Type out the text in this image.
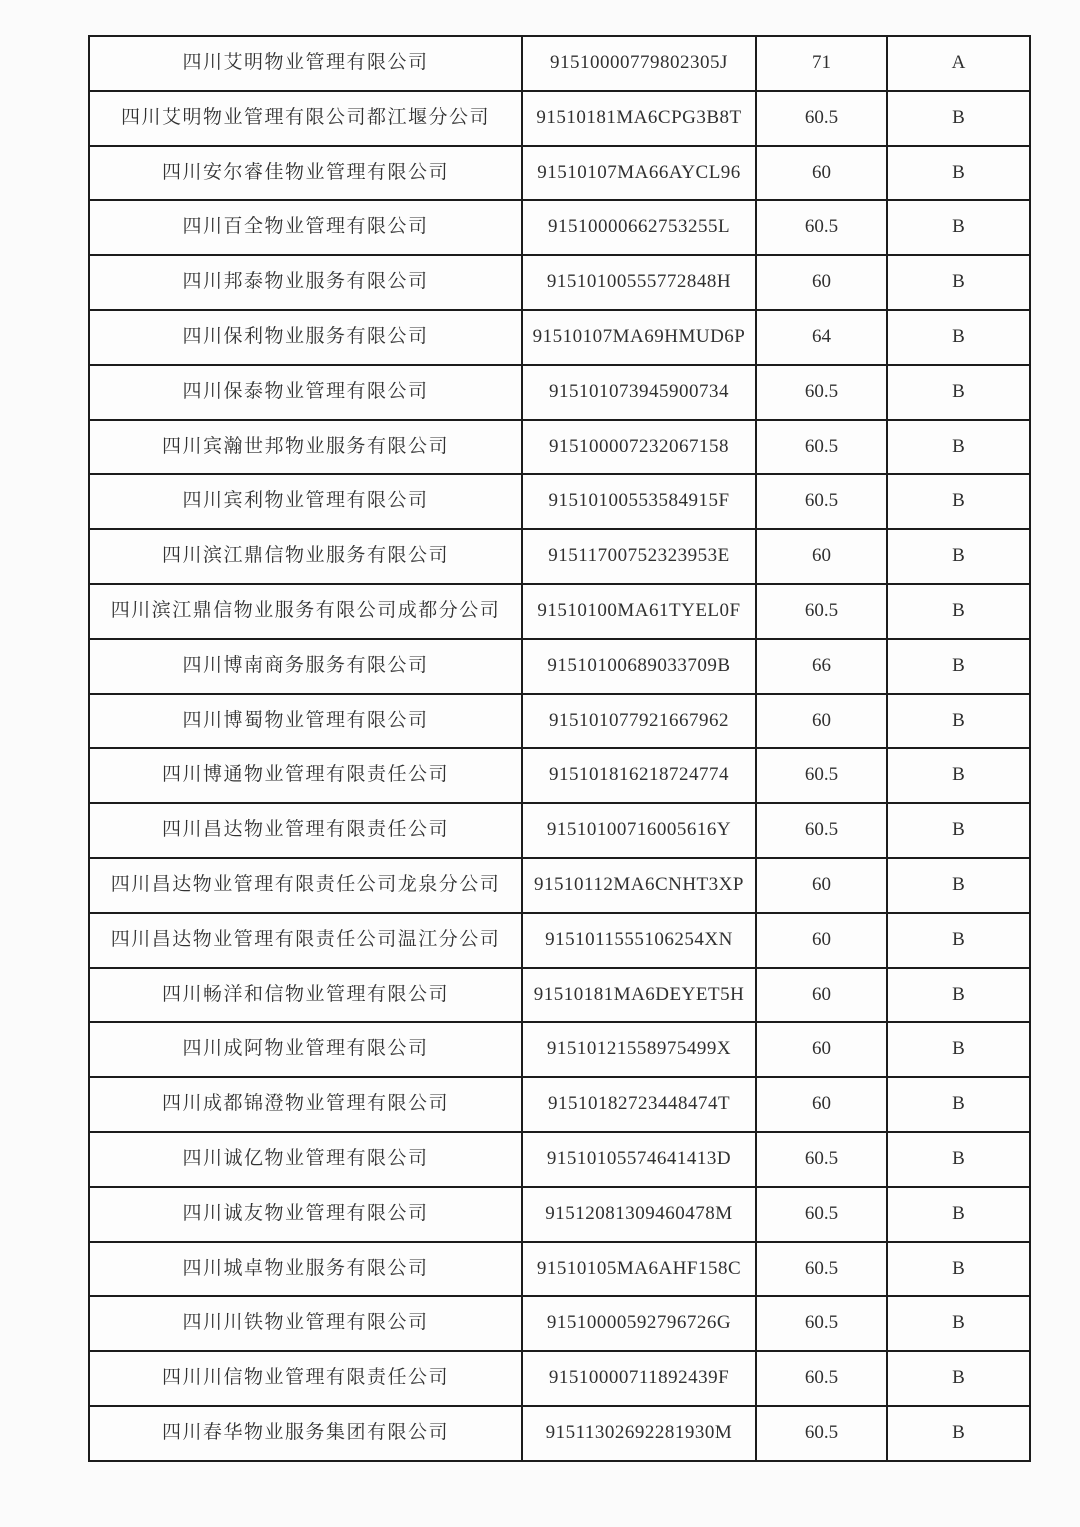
四川艾明物业管理有限公司	91510000779802305J	71	A
四川艾明物业管理有限公司都江堰分公司	91510181MA6CPG3B8T	60.5	B
四川安尔睿佳物业管理有限公司	91510107MA66AYCL96	60	B
四川百全物业管理有限公司	91510000662753255L	60.5	B
四川邦泰物业服务有限公司	91510100555772848H	60	B
四川保利物业服务有限公司	91510107MA69HMUD6P	64	B
四川保泰物业管理有限公司	915101073945900734	60.5	B
四川宾瀚世邦物业服务有限公司	915100007232067158	60.5	B
四川宾利物业管理有限公司	91510100553584915F	60.5	B
四川滨江鼎信物业服务有限公司	91511700752323953E	60	B
四川滨江鼎信物业服务有限公司成都分公司	91510100MA61TYEL0F	60.5	B
四川博南商务服务有限公司	91510100689033709B	66	B
四川博蜀物业管理有限公司	915101077921667962	60	B
四川博通物业管理有限责任公司	915101816218724774	60.5	B
四川昌达物业管理有限责任公司	91510100716005616Y	60.5	B
四川昌达物业管理有限责任公司龙泉分公司	91510112MA6CNHT3XP	60	B
四川昌达物业管理有限责任公司温江分公司	9151011555106254XN	60	B
四川畅洋和信物业管理有限公司	91510181MA6DEYET5H	60	B
四川成阿物业管理有限公司	91510121558975499X	60	B
四川成都锦澄物业管理有限公司	91510182723448474T	60	B
四川诚亿物业管理有限公司	91510105574641413D	60.5	B
四川诚友物业管理有限公司	91512081309460478M	60.5	B
四川城卓物业服务有限公司	91510105MA6AHF158C	60.5	B
四川川铁物业管理有限公司	91510000592796726G	60.5	B
四川川信物业管理有限责任公司	91510000711892439F	60.5	B
四川春华物业服务集团有限公司	91511302692281930M	60.5	B
